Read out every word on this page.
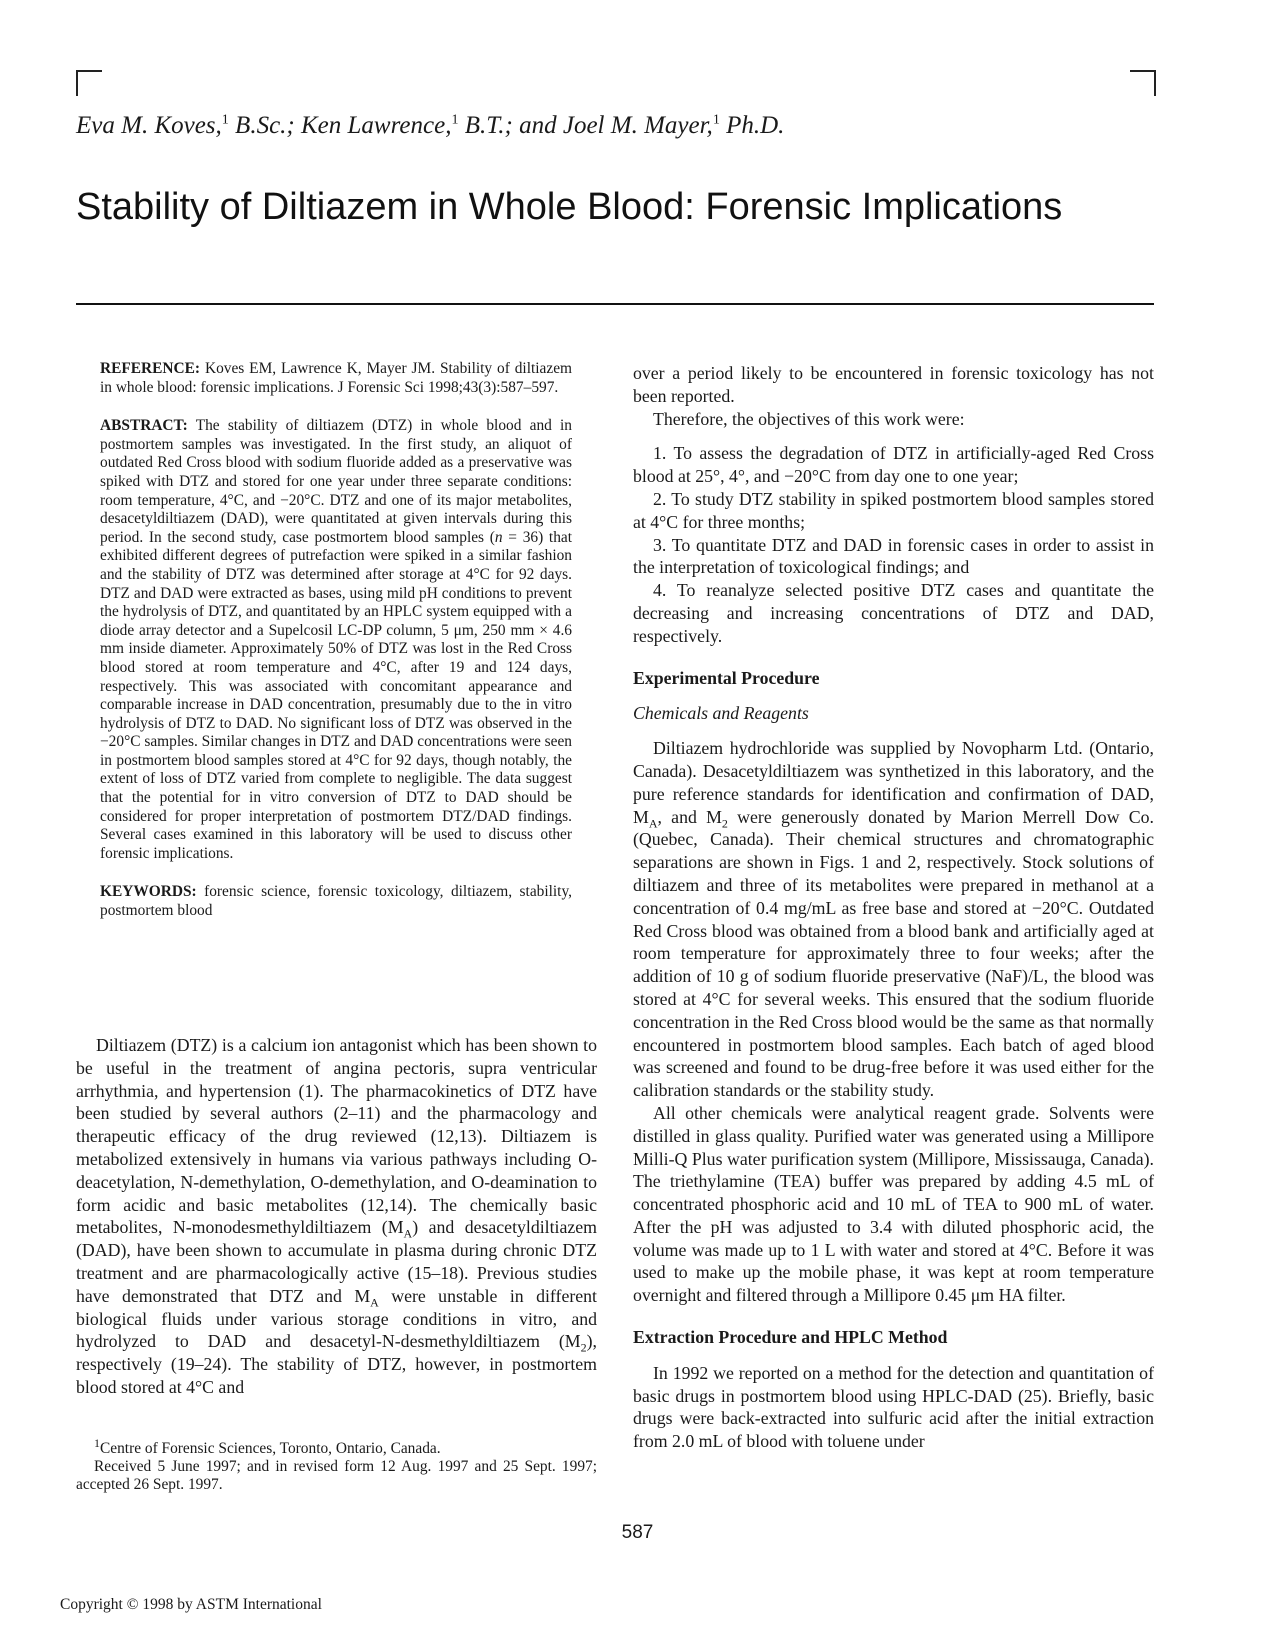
Eva M. Koves,$^1$ B.Sc.; Ken Lawrence,$^1$ B.T.; and Joel M. Mayer,$^1$ Ph.D.
Stability of Diltiazem in Whole Blood: Forensic Implications

REFERENCE: Koves EM, Lawrence K, Mayer JM. Stability of diltiazem in whole blood: forensic implications. J Forensic Sci 1998;43(3):587–597.

ABSTRACT: The stability of diltiazem (DTZ) in whole blood and in postmortem samples was investigated. In the first study, an aliquot of outdated Red Cross blood with sodium fluoride added as a preservative was spiked with DTZ and stored for one year under three separate conditions: room temperature, 4°C, and −20°C. DTZ and one of its major metabolites, desacetyldiltiazem (DAD), were quantitated at given intervals during this period. In the second study, case postmortem blood samples (n = 36) that exhibited different degrees of putrefaction were spiked in a similar fashion and the stability of DTZ was determined after storage at 4°C for 92 days. DTZ and DAD were extracted as bases, using mild pH conditions to prevent the hydrolysis of DTZ, and quantitated by an HPLC system equipped with a diode array detector and a Supelcosil LC-DP column, 5 μm, 250 mm × 4.6 mm inside diameter. Approximately 50% of DTZ was lost in the Red Cross blood stored at room temperature and 4°C, after 19 and 124 days, respectively. This was associated with concomitant appearance and comparable increase in DAD concentration, presumably due to the in vitro hydrolysis of DTZ to DAD. No significant loss of DTZ was observed in the −20°C samples. Similar changes in DTZ and DAD concentrations were seen in postmortem blood samples stored at 4°C for 92 days, though notably, the extent of loss of DTZ varied from complete to negligible. The data suggest that the potential for in vitro conversion of DTZ to DAD should be considered for proper interpretation of postmortem DTZ/DAD findings. Several cases examined in this laboratory will be used to discuss other forensic implications.

KEYWORDS: forensic science, forensic toxicology, diltiazem, stability, postmortem blood

Diltiazem (DTZ) is a calcium ion antagonist which has been shown to be useful in the treatment of angina pectoris, supra ventricular arrhythmia, and hypertension (1). The pharmacokinetics of DTZ have been studied by several authors (2–11) and the pharmacology and therapeutic efficacy of the drug reviewed (12,13). Diltiazem is metabolized extensively in humans via various pathways including O-deacetylation, N-demethylation, O-demethylation, and O-deamination to form acidic and basic metabolites (12,14). The chemically basic metabolites, N-monodesmethyldiltiazem $(M_A)$ and desacetyldiltiazem (DAD), have been shown to accumulate in plasma during chronic DTZ treatment and are pharmacologically active (15–18). Previous studies have demonstrated that DTZ and $M_A$ were unstable in different biological fluids under various storage conditions in vitro, and hydrolyzed to DAD and desacetyl-N-desmethyldiltiazem $(M_2)$, respectively (19–24). The stability of DTZ, however, in postmortem blood stored at 4°C and

$^1$Centre of Forensic Sciences, Toronto, Ontario, Canada.

Received 5 June 1997; and in revised form 12 Aug. 1997 and 25 Sept. 1997; accepted 26 Sept. 1997.

over a period likely to be encountered in forensic toxicology has not been reported.

Therefore, the objectives of this work were:

1. To assess the degradation of DTZ in artificially-aged Red Cross blood at 25°, 4°, and −20°C from day one to one year;

2. To study DTZ stability in spiked postmortem blood samples stored at 4°C for three months;

3. To quantitate DTZ and DAD in forensic cases in order to assist in the interpretation of toxicological findings; and

4. To reanalyze selected positive DTZ cases and quantitate the decreasing and increasing concentrations of DTZ and DAD, respectively.

Experimental Procedure
Chemicals and Reagents

Diltiazem hydrochloride was supplied by Novopharm Ltd. (Ontario, Canada). Desacetyldiltiazem was synthetized in this laboratory, and the pure reference standards for identification and confirmation of DAD, $M_A$, and $M_2$ were generously donated by Marion Merrell Dow Co. (Quebec, Canada). Their chemical structures and chromatographic separations are shown in Figs. 1 and 2, respectively. Stock solutions of diltiazem and three of its metabolites were prepared in methanol at a concentration of 0.4 mg/mL as free base and stored at −20°C. Outdated Red Cross blood was obtained from a blood bank and artificially aged at room temperature for approximately three to four weeks; after the addition of 10 g of sodium fluoride preservative (NaF)/L, the blood was stored at 4°C for several weeks. This ensured that the sodium fluoride concentration in the Red Cross blood would be the same as that normally encountered in postmortem blood samples. Each batch of aged blood was screened and found to be drug-free before it was used either for the calibration standards or the stability study.

All other chemicals were analytical reagent grade. Solvents were distilled in glass quality. Purified water was generated using a Millipore Milli-Q Plus water purification system (Millipore, Mississauga, Canada). The triethylamine (TEA) buffer was prepared by adding 4.5 mL of concentrated phosphoric acid and 10 mL of TEA to 900 mL of water. After the pH was adjusted to 3.4 with diluted phosphoric acid, the volume was made up to 1 L with water and stored at 4°C. Before it was used to make up the mobile phase, it was kept at room temperature overnight and filtered through a Millipore 0.45 μm HA filter.

Extraction Procedure and HPLC Method

In 1992 we reported on a method for the detection and quantitation of basic drugs in postmortem blood using HPLC-DAD (25). Briefly, basic drugs were back-extracted into sulfuric acid after the initial extraction from 2.0 mL of blood with toluene under

587
Copyright © 1998 by ASTM International
